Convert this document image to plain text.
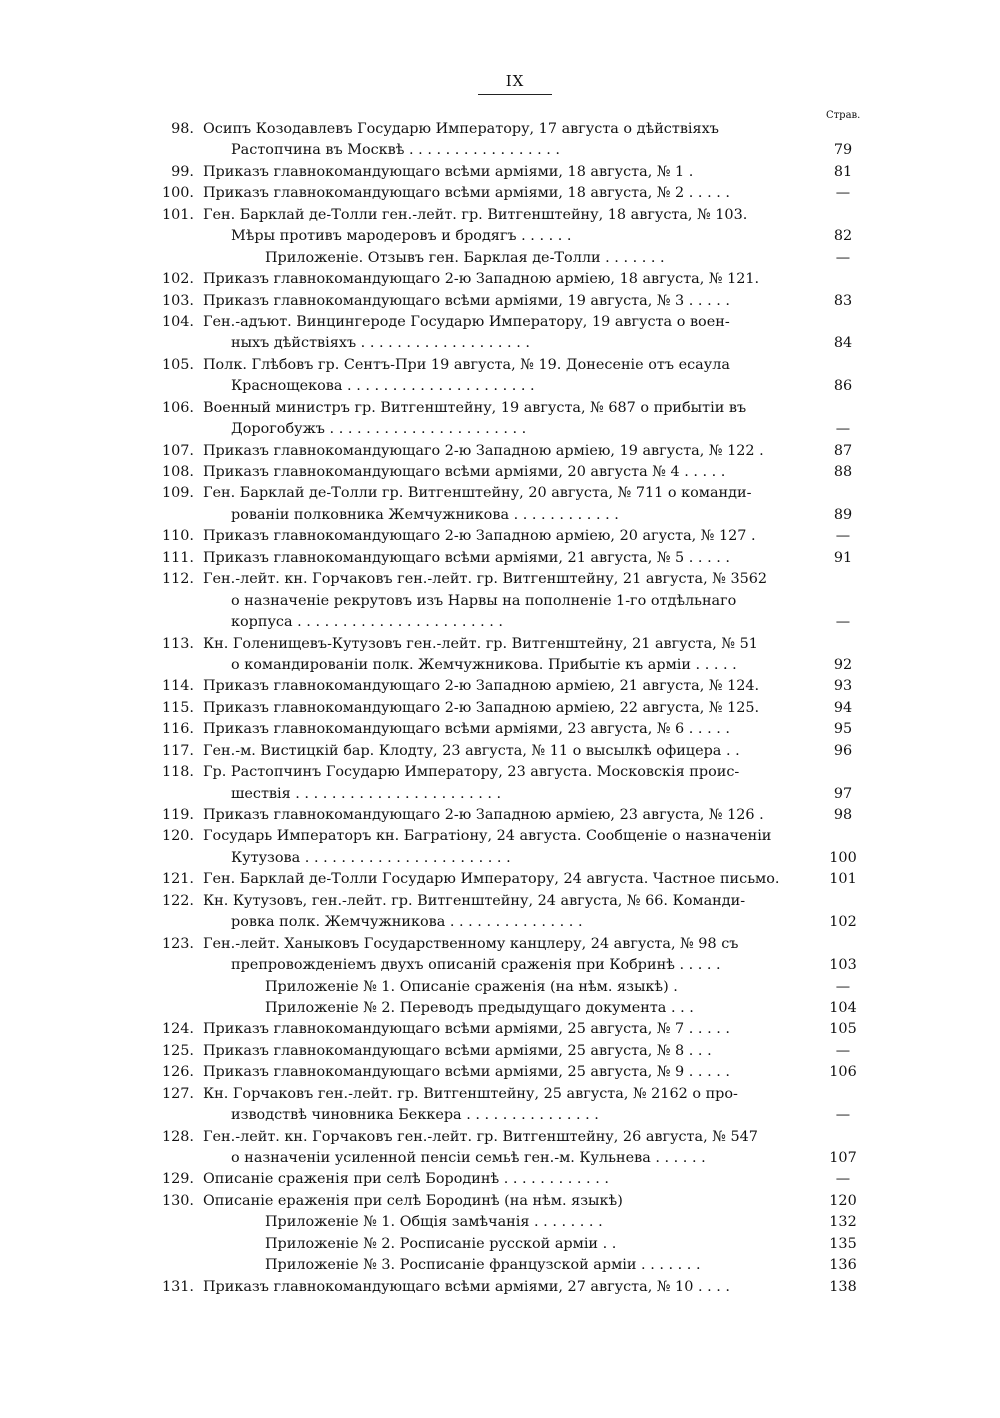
IX
Страв.
98. Осипъ Козодавлевъ Государю Императору, 17 августа о дѣйствіяхъ
Растопчина въ Москвѣ . . . . . . . . . . . . . . . . .	79
99. Приказъ главнокомандующаго всѣми арміями, 18 августа, № 1 .	81
100. Приказъ главнокомандующаго всѣми арміями, 18 августа, № 2 . . . . .	—
101. Ген. Барклай де-Толли ген.-лейт. гр. Витгенштейну, 18 августа, № 103.
Мѣры противъ мародеровъ и бродягъ . . . . . .	82
Приложеніе. Отзывъ ген. Барклая де-Толли . . . . . . .	—
102. Приказъ главнокомандующаго 2-ю Западною арміею, 18 августа, № 121.
103. Приказъ главнокомандующаго всѣми арміями, 19 августа, № 3 . . . . .	83
104. Ген.-адъют. Винцингероде Государю Императору, 19 августа о воен-
ныхъ дѣйствіяхъ . . . . . . . . . . . . . . . . . . .	84
105. Полк. Глѣбовъ гр. Сентъ-При 19 августа, № 19. Донесеніе отъ есаула
Краснощекова . . . . . . . . . . . . . . . . . . . . .	86
106. Военный министръ гр. Витгенштейну, 19 августа, № 687 о прибытіи въ
Дорогобужъ . . . . . . . . . . . . . . . . . . . . . .	—
107. Приказъ главнокомандующаго 2-ю Западною арміею, 19 августа, № 122 .	87
108. Приказъ главнокомандующаго всѣми арміями, 20 августа № 4 . . . . .	88
109. Ген. Барклай де-Толли гр. Витгенштейну, 20 августа, № 711 о команди-
рованіи полковника Жемчужникова . . . . . . . . . . . .	89
110. Приказъ главнокомандующаго 2-ю Западною арміею, 20 агуста, № 127 .	—
111. Приказъ главнокомандующаго всѣми арміями, 21 августа, № 5 . . . . .	91
112. Ген.-лейт. кн. Горчаковъ ген.-лейт. гр. Витгенштейну, 21 августа, № 3562
о назначеніе рекрутовъ изъ Нарвы на пополненіе 1-го отдѣльнаго
корпуса . . . . . . . . . . . . . . . . . . . . . . .	—
113. Кн. Голенищевъ-Кутузовъ ген.-лейт. гр. Витгенштейну, 21 августа, № 51
о командированіи полк. Жемчужникова. Прибытіе къ арміи . . . . .	92
114. Приказъ главнокомандующаго 2-ю Западною арміею, 21 августа, № 124.	93
115. Приказъ главнокомандующаго 2-ю Западною арміею, 22 августа, № 125.	94
116. Приказъ главнокомандующаго всѣми арміями, 23 августа, № 6 . . . . .	95
117. Ген.-м. Вистицкій бар. Клодту, 23 августа, № 11 о высылкѣ офицера . .	96
118. Гр. Растопчинъ Государю Императору, 23 августа. Московскія проис-
шествія . . . . . . . . . . . . . . . . . . . . . . .	97
119. Приказъ главнокомандующаго 2-ю Западною арміею, 23 августа, № 126 .	98
120. Государь Императоръ кн. Багратіону, 24 августа. Сообщеніе о назначеніи
Кутузова . . . . . . . . . . . . . . . . . . . . . . .	100
121. Ген. Барклай де-Толли Государю Императору, 24 августа. Частное письмо.	101
122. Кн. Кутузовъ, ген.-лейт. гр. Витгенштейну, 24 августа, № 66. Команди-
ровка полк. Жемчужникова . . . . . . . . . . . . . . .	102
123. Ген.-лейт. Ханыковъ Государственному канцлеру, 24 августа, № 98 съ
препровожденіемъ двухъ описаній сраженія при Кобринѣ . . . . .	103
Приложеніе № 1. Описаніе сраженія (на нѣм. языкѣ) .	—
Приложеніе № 2. Переводъ предыдущаго документа . . .	104
124. Приказъ главнокомандующаго всѣми арміями, 25 августа, № 7 . . . . .	105
125. Приказъ главнокомандующаго всѣми арміями, 25 августа, № 8 . . .	—
126. Приказъ главнокомандующаго всѣми арміями, 25 августа, № 9 . . . . .	106
127. Кн. Горчаковъ ген.-лейт. гр. Витгенштейну, 25 августа, № 2162 о про-
изводствѣ чиновника Беккера . . . . . . . . . . . . . . .	—
128. Ген.-лейт. кн. Горчаковъ ген.-лейт. гр. Витгенштейну, 26 августа, № 547
о назначеніи усиленной пенсіи семьѣ ген.-м. Кульнева . . . . . .	107
129. Описаніе сраженія при селѣ Бородинѣ . . . . . . . . . . . .	—
130. Описаніе ераженія при селѣ Бородинѣ (на нѣм. языкѣ)	120
Приложеніе № 1. Общія замѣчанія . . . . . . . .	132
Приложеніе № 2. Росписаніе русской арміи . .	135
Приложеніе № 3. Росписаніе французской арміи . . . . . . .	136
131. Приказъ главнокомандующаго всѣми арміями, 27 августа, № 10 . . . .	138
